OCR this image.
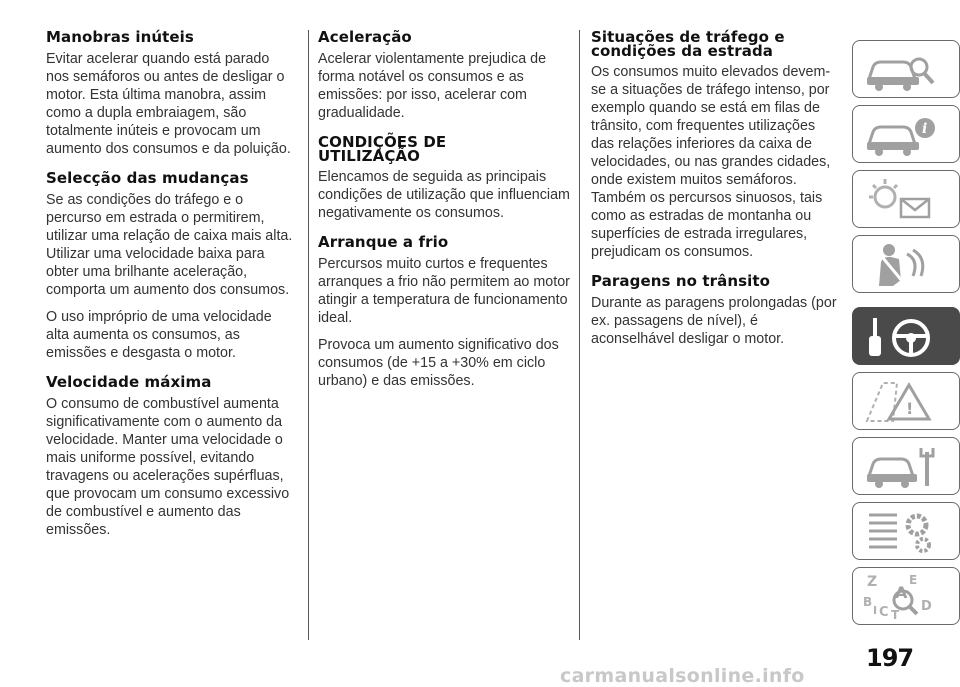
Manobras inúteis

Evitar acelerar quando está parado nos semáforos ou antes de desligar o motor. Esta última manobra, assim como a dupla embraiagem, são totalmente inúteis e provocam um aumento dos consumos e da poluição.

Selecção das mudanças

Se as condições do tráfego e o percurso em estrada o permitirem, utilizar uma relação de caixa mais alta. Utilizar uma velocidade baixa para obter uma brilhante aceleração, comporta um aumento dos consumos.

O uso impróprio de uma velocidade alta aumenta os consumos, as emissões e desgasta o motor.

Velocidade máxima

O consumo de combustível aumenta significativamente com o aumento da velocidade. Manter uma velocidade o mais uniforme possível, evitando travagens ou acelerações supérfluas, que provocam um consumo excessivo de combustível e aumento das emissões.

Aceleração

Acelerar violentamente prejudica de forma notável os consumos e as emissões: por isso, acelerar com gradualidade.

CONDIÇÕES DE UTILIZAÇÃO

Elencamos de seguida as principais condições de utilização que influenciam negativamente os consumos.

Arranque a frio

Percursos muito curtos e frequentes arranques a frio não permitem ao motor atingir a temperatura de funcionamento ideal.

Provoca um aumento significativo dos consumos (de +15 a +30% em ciclo urbano) e das emissões.

Situações de tráfego e condições da estrada

Os consumos muito elevados devem-se a situações de tráfego intenso, por exemplo quando se está em filas de trânsito, com frequentes utilizações das relações inferiores da caixa de velocidades, ou nas grandes cidades, onde existem muitos semáforos. Também os percursos sinuosos, tais como as estradas de montanha ou superfícies de estrada irregulares, prejudicam os consumos.

Paragens no trânsito

Durante as paragens prolongadas (por ex. passagens de nível), é aconselhável desligar o motor.

i
!
Z	E
A
B	D
C T
I
197
carmanualsonline.info
